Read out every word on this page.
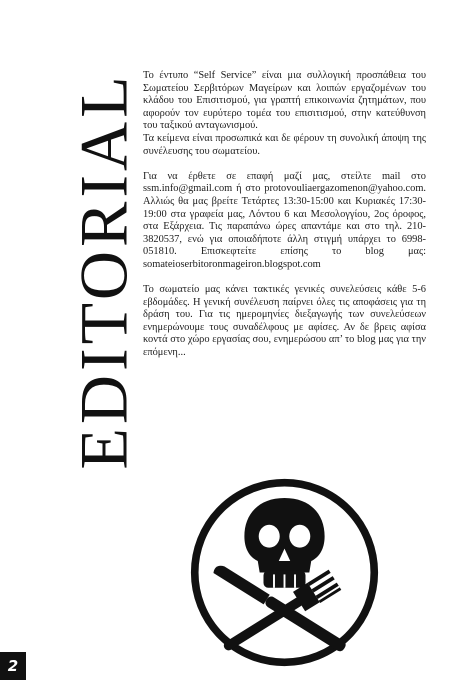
EDITORIAL Το έντυπο “Self Service” είναι μια συλλογική προσπάθεια του Σωματείου Σερβιτόρων Μαγείρων και λοιπών εργαζομένων του κλάδου του Επισιτισμού, για γραπτή επικοινωνία ζητημάτων, που αφορούν τον ευρύτερο τομέα του επισιτισμού, στην κατεύθυνση του ταξικού ανταγωνισμού.

Τα κείμενα είναι προσωπικά και δε φέρουν τη συνολική άποψη της συνέλευσης του σωματείου.

Για να έρθετε σε επαφή μαζί μας, στείλτε mail στο ssm.info@gmail.com ή στο protovouliaergazomenon@yahoo.com. Αλλιώς θα μας βρείτε Τετάρτες 13:30-15:00 και Κυριακές 17:30-19:00 στα γραφεία μας, Λόντου 6 και Μεσολογγίου, 2ος όροφος, στα Εξάρχεια. Τις παραπάνω ώρες απαντάμε και στο τηλ. 210- 3820537, ενώ για οποιαδήποτε άλλη στιγμή υπάρχει το 6998-051810. Επισκεφτείτε επίσης το blog μας: somateioserbitoronmageiron.blogspot.com

Το σωματείο μας κάνει τακτικές γενικές συνελεύσεις κάθε 5-6 εβδομάδες. Η γενική συνέλευση παίρνει όλες τις αποφάσεις για τη δράση του. Για τις ημερομηνίες διεξαγωγής των συνελεύσεων ενημερώνουμε τους συναδέλφους με αφίσες. Αν δε βρεις αφίσα κοντά στο χώρο εργασίας σου, ενημερώσου απ’ το blog μας για την επόμενη...

2
